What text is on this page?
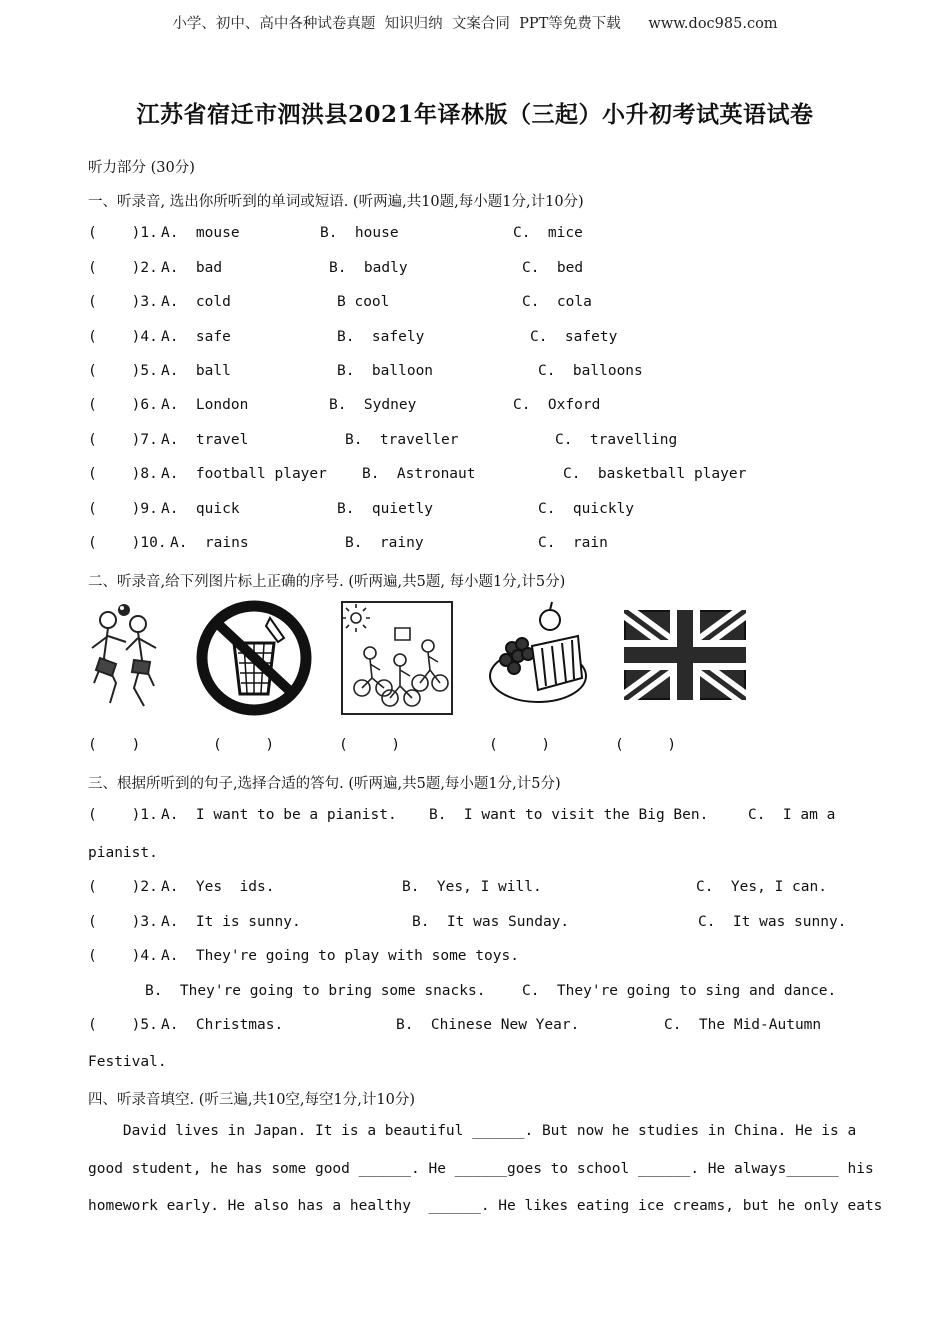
小学、初中、高中各种试卷真题  知识归纳  文案合同  PPT等免费下载      www.doc985.com
江苏省宿迁市泗洪县2021年译林版（三起）小升初考试英语试卷
听力部分 (30分)
一、听录音, 选出你所听到的单词或短语. (听两遍,共10题,每小题1分,计10分)
(    )1. A.  mouse	B.  house	C.  mice
(    )2. A.  bad	B.  badly	C.  bed
(    )3. A.  cold	B cool	C.  cola
(    )4. A.  safe	B.  safely	C.  safety
(    )5. A.  ball	B.  balloon	C.  balloons
(    )6. A.  London	B.  Sydney	C.  Oxford
(    )7. A.  travel	B.  traveller	C.  travelling
(    )8. A.  football player B.  Astronaut	C.  basketball player
(    )9. A.  quick	B.  quietly	C.  quickly
(    )10. A.  rains	B.  rainy	C.  rain
二、听录音,给下列图片标上正确的序号. (听两遍,共5题, 每小题1分,计5分)
(    )	(     )	(     )	(     )	(     )
三、根据所听到的句子,选择合适的答句. (听两遍,共5题,每小题1分,计5分)
(    )1. A.  I want to be a pianist. B.  I want to visit the Big Ben.	C.  I am a
pianist.
(    )2. A.  Yes  ids.	B.  Yes, I will.	C.  Yes, I can.
(    )3. A.  It is sunny.	B.  It was Sunday.	C.  It was sunny.
(    )4. A.  They're going to play with some toys.
B.  They're going to bring some snacks.	C.  They're going to sing and dance.
(    )5. A.  Christmas.	B.  Chinese New Year.	C.  The Mid-Autumn
Festival.
四、听录音填空. (听三遍,共10空,每空1分,计10分)
David lives in Japan. It is a beautiful ______. But now he studies in China. He is a
good student, he has some good ______. He ______goes to school ______. He always______ his
homework early. He also has a healthy  ______. He likes eating ice creams, but he only eats
